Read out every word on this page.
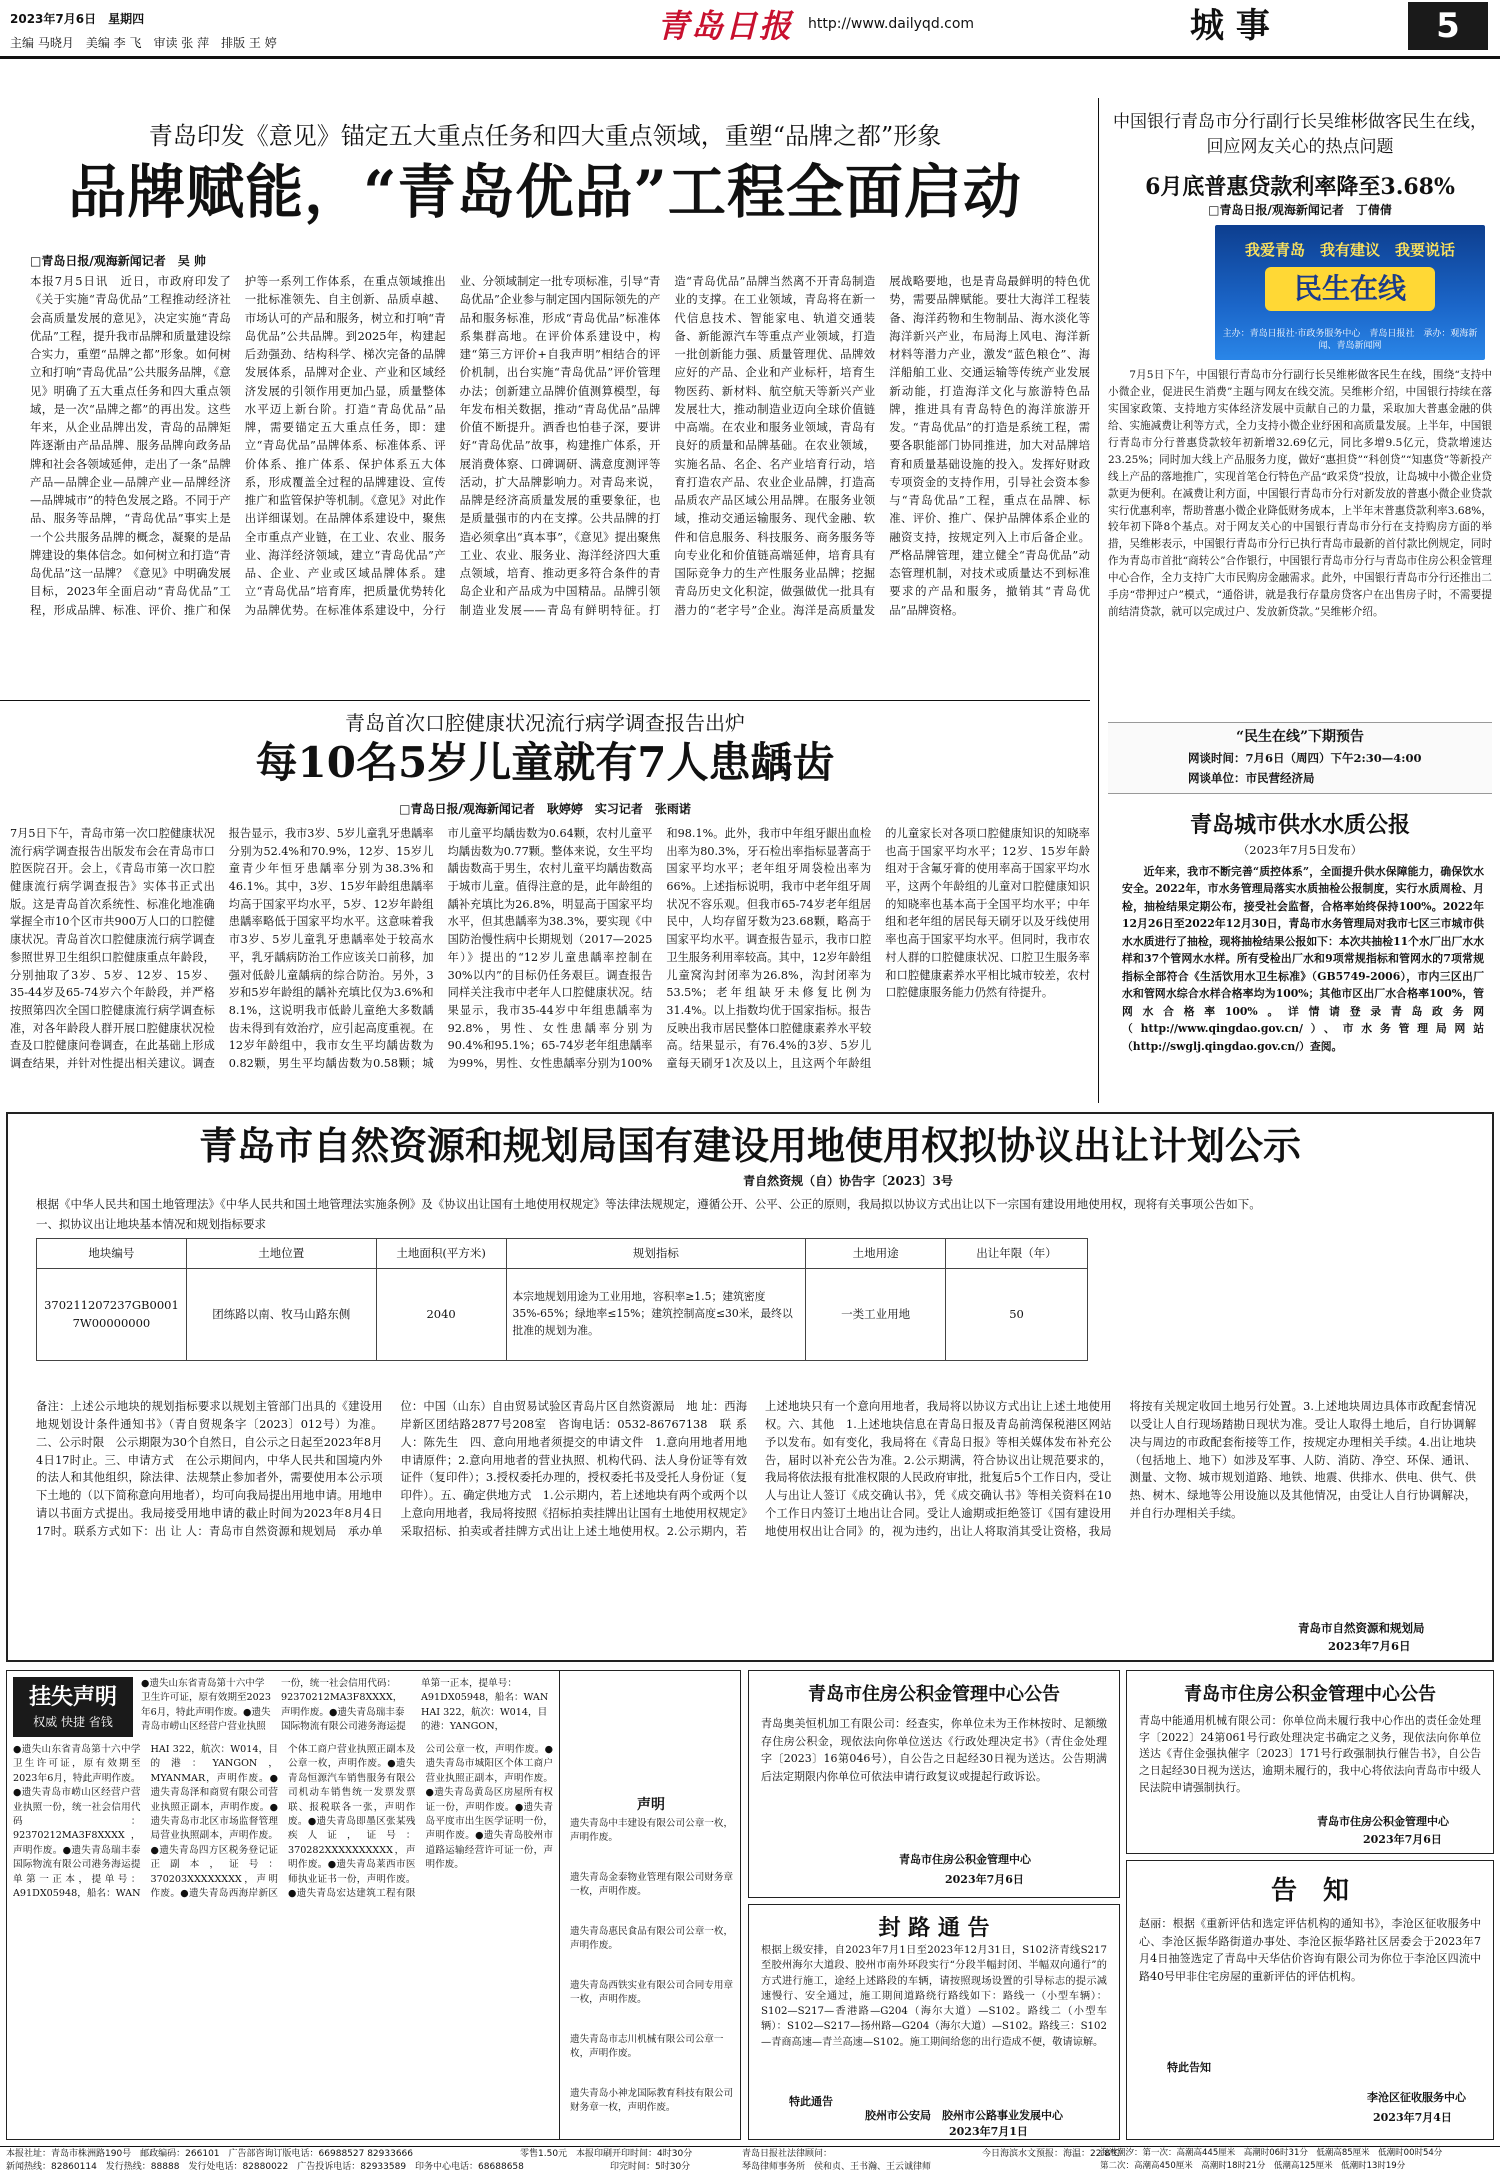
2023年7月6日　星期四
主编 马晓月　美编 李 飞　审读 张 萍　排版 王 婷	青岛日报 http://www.dailyqd.com	城 事	5
青岛印发《意见》锚定五大重点任务和四大重点领域，重塑“品牌之都”形象
品牌赋能，“青岛优品”工程全面启动
□青岛日报/观海新闻记者　吴 帅
本报7月5日讯　近日，市政府印发了《关于实施“青岛优品”工程推动经济社会高质量发展的意见》，决定实施“青岛优品”工程，提升我市品牌和质量建设综合实力，重塑“品牌之都”形象。如何树立和打响“青岛优品”公共服务品牌，《意见》明确了五大重点任务和四大重点领域，是一次“品牌之都”的再出发。这些年来，从企业品牌出发，青岛的品牌矩阵逐渐由产品品牌、服务品牌向政务品牌和社会各领域延伸，走出了一条“品牌产品—品牌企业—品牌产业—品牌经济—品牌城市”的特色发展之路。不同于产品、服务等品牌，“青岛优品”事实上是一个公共服务品牌的概念，凝聚的是品牌建设的集体信念。如何树立和打造“青岛优品”这一品牌？《意见》中明确发展目标，2023年全面启动“青岛优品”工程，形成品牌、标准、评价、推广和保护等一系列工作体系，在重点领域推出一批标准领先、自主创新、品质卓越、市场认可的产品和服务，树立和打响“青岛优品”公共品牌。到2025年，构建起后劲强劲、结构科学、梯次完备的品牌发展体系，品牌对企业、产业和区域经济发展的引领作用更加凸显，质量整体水平迈上新台阶。打造“青岛优品”品牌，需要锚定五大重点任务，即：建立“青岛优品”品牌体系、标准体系、评价体系、推广体系、保护体系五大体系，形成覆盖全过程的品牌建设、宣传推广和监管保护等机制。《意见》对此作出详细谋划。在品牌体系建设中，聚焦全市重点产业链，在工业、农业、服务业、海洋经济领域，建立“青岛优品”产品、企业、产业或区域品牌体系。建立“青岛优品”培育库，把质量优势转化为品牌优势。在标准体系建设中，分行业、分领域制定一批专项标准，引导“青岛优品”企业参与制定国内国际领先的产品和服务标准，形成“青岛优品”标准体系集群高地。在评价体系建设中，构建“第三方评价+自我声明”相结合的评价机制，出台实施“青岛优品”评价管理办法；创新建立品牌价值测算模型，每年发布相关数据，推动“青岛优品”品牌价值不断提升。酒香也怕巷子深，要讲好“青岛优品”故事，构建推广体系，开展消费体察、口碑调研、满意度测评等活动，扩大品牌影响力。对青岛来说，品牌是经济高质量发展的重要象征，也是质量强市的内在支撑。公共品牌的打造必须拿出“真本事”，《意见》提出聚焦工业、农业、服务业、海洋经济四大重点领域，培育、推动更多符合条件的青岛企业和产品成为中国精品。品牌引领制造业发展——青岛有鲜明特征。打造“青岛优品”品牌当然离不开青岛制造业的支撑。在工业领域，青岛将在新一代信息技术、智能家电、轨道交通装备、新能源汽车等重点产业领域，打造一批创新能力强、质量管理优、品牌效应好的产品、企业和产业标杆，培育生物医药、新材料、航空航天等新兴产业发展壮大，推动制造业迈向全球价值链中高端。在农业和服务业领域，青岛有良好的质量和品牌基础。在农业领域，实施名品、名企、名产业培育行动，培育打造农产品、农业企业品牌，打造高品质农产品区域公用品牌。在服务业领域，推动交通运输服务、现代金融、软件和信息服务、科技服务、商务服务等向专业化和价值链高端延伸，培育具有国际竞争力的生产性服务业品牌；挖掘青岛历史文化积淀，做强做优一批具有潜力的“老字号”企业。海洋是高质量发展战略要地，也是青岛最鲜明的特色优势，需要品牌赋能。要壮大海洋工程装备、海洋药物和生物制品、海水淡化等海洋新兴产业，布局海上风电、海洋新材料等潜力产业，激发“蓝色粮仓”、海洋船舶工业、交通运输等传统产业发展新动能，打造海洋文化与旅游特色品牌，推进具有青岛特色的海洋旅游开发。“青岛优品”的打造是系统工程，需要各职能部门协同推进，加大对品牌培育和质量基础设施的投入。发挥好财政专项资金的支持作用，引导社会资本参与“青岛优品”工程，重点在品牌、标准、评价、推广、保护品牌体系企业的融资支持，按规定列入上市后备企业。严格品牌管理，建立健全“青岛优品”动态管理机制，对技术或质量达不到标准要求的产品和服务，撤销其“青岛优品”品牌资格。
中国银行青岛市分行副行长吴维彬做客民生在线，回应网友关心的热点问题
6月底普惠贷款利率降至3.68%
□青岛日报/观海新闻记者　丁倩倩
我爱青岛　我有建议　我要说话
民生在线
主办：青岛日报社·市政务服务中心　青岛日报社　承办：观海新闻、青岛新闻网
7月5日下午，中国银行青岛市分行副行长吴维彬做客民生在线，围绕“支持中小微企业，促进民生消费”主题与网友在线交流。吴维彬介绍，中国银行持续在落实国家政策、支持地方实体经济发展中贡献自己的力量，采取加大普惠金融的供给、实施减费让利等方式，全力支持小微企业纾困和高质量发展。上半年，中国银行青岛市分行普惠贷款较年初新增32.69亿元，同比多增9.5亿元，贷款增速达23.25%；同时加大线上产品服务力度，做好“惠担贷”“科创贷”“知惠贷”等新投产线上产品的落地推广，实现首笔仓行特色产品“政采贷”投放，让岛城中小微企业贷款更为便利。在减费让利方面，中国银行青岛市分行对新发放的普惠小微企业贷款实行优惠利率，帮助普惠小微企业降低财务成本，上半年末普惠贷款利率3.68%，较年初下降8个基点。对于网友关心的中国银行青岛市分行在支持购房方面的举措，吴维彬表示，中国银行青岛市分行已执行青岛市最新的首付款比例规定，同时作为青岛市首批“商转公”合作银行，中国银行青岛市分行与青岛市住房公积金管理中心合作，全力支持广大市民购房金融需求。此外，中国银行青岛市分行还推出二手房“带押过户”模式，“通俗讲，就是我行存量房贷客户在出售房子时，不需要提前结清贷款，就可以完成过户、发放新贷款。”吴维彬介绍。
“民生在线”下期预告
网谈时间：7月6日（周四）下午2:30—4:00
网谈单位：市民营经济局
青岛城市供水水质公报
（2023年7月5日发布）
近年来，我市不断完善“质控体系”，全面提升供水保障能力，确保饮水安全。2022年，市水务管理局落实水质抽检公报制度，实行水质周检、月检，抽检结果定期公布，接受社会监督，合格率始终保持100%。2022年12月26日至2022年12月30日，青岛市水务管理局对我市七区三市城市供水水质进行了抽检，现将抽检结果公报如下：本次共抽检11个水厂出厂水水样和37个管网水水样。所有受检出厂水和9项常规指标和管网水的7项常规指标全部符合《生活饮用水卫生标准》（GB5749-2006），市内三区出厂水和管网水综合水样合格率均为100%；其他市区出厂水合格率100%，管网水合格率100%。详情请登录青岛政务网（http://www.qingdao.gov.cn/）、市水务管理局网站（http://swglj.qingdao.gov.cn/）查阅。
青岛首次口腔健康状况流行病学调查报告出炉
每10名5岁儿童就有7人患龋齿
□青岛日报/观海新闻记者　耿婷婷　实习记者　张雨诺
7月5日下午，青岛市第一次口腔健康状况流行病学调查报告出版发布会在青岛市口腔医院召开。会上，《青岛市第一次口腔健康流行病学调查报告》实体书正式出版。这是青岛首次系统性、标准化地准确掌握全市10个区市共900万人口的口腔健康状况。青岛首次口腔健康流行病学调查参照世界卫生组织口腔健康重点年龄段，分别抽取了3岁、5岁、12岁、15岁、35-44岁及65-74岁六个年龄段，并严格按照第四次全国口腔健康流行病学调查标准，对各年龄段人群开展口腔健康状况检查及口腔健康问卷调查，在此基础上形成调查结果，并针对性提出相关建议。调查报告显示，我市3岁、5岁儿童乳牙患龋率分别为52.4%和70.9%，12岁、15岁儿童青少年恒牙患龋率分别为38.3%和46.1%。其中，3岁、15岁年龄组患龋率均高于国家平均水平，5岁、12岁年龄组患龋率略低于国家平均水平。这意味着我市3岁、5岁儿童乳牙患龋率处于较高水平，乳牙龋病防治工作应该关口前移，加强对低龄儿童龋病的综合防治。另外，3岁和5岁年龄组的龋补充填比仅为3.6%和8.1%，这说明我市低龄儿童绝大多数龋齿未得到有效治疗，应引起高度重视。在12岁年龄组中，我市女生平均龋齿数为0.82颗，男生平均龋齿数为0.58颗；城市儿童平均龋齿数为0.64颗，农村儿童平均龋齿数为0.77颗。整体来说，女生平均龋齿数高于男生，农村儿童平均龋齿数高于城市儿童。值得注意的是，此年龄组的龋补充填比为26.8%，明显高于国家平均水平，但其患龋率为38.3%，要实现《中国防治慢性病中长期规划（2017—2025年）》提出的“12岁儿童患龋率控制在30%以内”的目标仍任务艰巨。调查报告同样关注我市中老年人口腔健康状况。结果显示，我市35-44岁中年组患龋率为92.8%，男性、女性患龋率分别为90.4%和95.1%；65-74岁老年组患龋率为99%，男性、女性患龋率分别为100%和98.1%。此外，我市中年组牙龈出血检出率为80.3%，牙石检出率指标显著高于国家平均水平；老年组牙周袋检出率为66%。上述指标说明，我市中老年组牙周状况不容乐观。但我市65-74岁老年组居民中，人均存留牙数为23.68颗，略高于国家平均水平。调查报告显示，我市口腔卫生服务利用率较高。其中，12岁年龄组儿童窝沟封闭率为26.8%，沟封闭率为53.5%；老年组缺牙未修复比例为31.4%。以上指数均优于国家指标。报告反映出我市居民整体口腔健康素养水平较高。结果显示，有76.4%的3岁、5岁儿童每天刷牙1次及以上，且这两个年龄组的儿童家长对各项口腔健康知识的知晓率也高于国家平均水平；12岁、15岁年龄组对于含氟牙膏的使用率高于国家平均水平，这两个年龄组的儿童对口腔健康知识的知晓率也基本高于全国平均水平；中年组和老年组的居民每天刷牙以及牙线使用率也高于国家平均水平。但同时，我市农村人群的口腔健康状况、口腔卫生服务率和口腔健康素养水平相比城市较差，农村口腔健康服务能力仍然有待提升。
青岛市自然资源和规划局国有建设用地使用权拟协议出让计划公示
青自然资规（自）协告字〔2023〕3号
根据《中华人民共和国土地管理法》《中华人民共和国土地管理法实施条例》及《协议出让国有土地使用权规定》等法律法规规定，遵循公开、公平、公正的原则，我局拟以协议方式出让以下一宗国有建设用地使用权，现将有关事项公告如下。
一、拟协议出让地块基本情况和规划指标要求
地块编号	土地位置	土地面积(平方米)	规划指标	土地用途	出让年限（年）
370211207237GB00017W00000000	团练路以南、牧马山路东侧	2040	本宗地规划用途为工业用地，容积率≥1.5；建筑密度35%-65%；绿地率≤15%；建筑控制高度≤30米，最终以批准的规划为准。	一类工业用地	50
备注：上述公示地块的规划指标要求以规划主管部门出具的《建设用地规划设计条件通知书》（青自贸规条字〔2023〕012号）为准。二、公示时限　公示期限为30个自然日，自公示之日起至2023年8月4日17时止。三、申请方式　在公示期间内，中华人民共和国境内外的法人和其他组织，除法律、法规禁止参加者外，需要使用本公示项下土地的（以下简称意向用地者），均可向我局提出用地申请。用地申请以书面方式提出。我局接受用地申请的截止时间为2023年8月4日17时。联系方式如下：出 让 人：青岛市自然资源和规划局　承办单位：中国（山东）自由贸易试验区青岛片区自然资源局　地 址：西海岸新区团结路2877号208室　咨询电话：0532-86767138　联 系 人：陈先生　四、意向用地者须提交的申请文件　1.意向用地者用地申请原件；2.意向用地者的营业执照、机构代码、法人身份证等有效证件（复印件）；3.授权委托办理的，授权委托书及受托人身份证（复印件）。五、确定供地方式　1.公示期内，若上述地块有两个或两个以上意向用地者，我局将按照《招标拍卖挂牌出让国有土地使用权规定》采取招标、拍卖或者挂牌方式出让上述土地使用权。2.公示期内，若上述地块只有一个意向用地者，我局将以协议方式出让上述土地使用权。六、其他　1.上述地块信息在青岛日报及青岛前湾保税港区网站予以发布。如有变化，我局将在《青岛日报》等相关媒体发布补充公告，届时以补充公告为准。2.公示期满，符合协议出让规范要求的，我局将依法报有批准权限的人民政府审批，批复后5个工作日内，受让人与出让人签订《成交确认书》，凭《成交确认书》等相关资料在10个工作日内签订土地出让合同。受让人逾期或拒绝签订《国有建设用地使用权出让合同》的，视为违约，出让人将取消其受让资格，我局将按有关规定收回土地另行处置。3.上述地块周边具体市政配套情况以受让人自行现场踏勘日现状为准。受让人取得土地后，自行协调解决与周边的市政配套衔接等工作，按规定办理相关手续。4.出让地块（包括地上、地下）如涉及军事、人防、消防、净空、环保、通讯、测量、文物、城市规划道路、地铁、地震、供排水、供电、供气、供热、树木、绿地等公用设施以及其他情况，由受让人自行协调解决，并自行办理相关手续。
青岛市自然资源和规划局
2023年7月6日
挂失声明
权威 快捷 省钱
●遗失山东省青岛第十六中学卫生许可证，原有效期至2023年6月，特此声明作废。●遗失青岛市崂山区经营户营业执照一份，统一社会信用代码：92370212MA3F8XXXX，声明作废。●遗失青岛瑞丰泰国际物流有限公司港务海运提单第一正本，提单号：A91DX05948，船名：WAN HAI 322，航次：W014，目的港：YANGON，MYANMAR，声明作废。●遗失青岛泽和商贸有限公司营业执照正副本，声明作废。●遗失青岛市北区市场监督管理局营业执照副本，声明作废。●遗失青岛四方区税务登记证正副本，证号：370203XXXXXXXX，声明作废。●遗失青岛西海岸新区个体工商户营业执照正副本及公章一枚，声明作废。●遗失青岛恒源汽车销售服务有限公司机动车销售统一发票发票联、报税联各一张，声明作废。●遗失青岛即墨区张某残疾人证，证号：370282XXXXXXXXXX，声明作废。●遗失青岛莱西市医师执业证书一份，声明作废。●遗失青岛宏达建筑工程有限公司公章一枚，声明作废。●遗失青岛市城阳区个体工商户营业执照正副本，声明作废。●遗失青岛黄岛区房屋所有权证一份，声明作废。●遗失青岛平度市出生医学证明一份，声明作废。●遗失青岛胶州市道路运输经营许可证一份，声明作废。
●遗失山东省青岛第十六中学卫生许可证，原有效期至2023年6月，特此声明作废。●遗失青岛市崂山区经营户营业执照一份，统一社会信用代码：92370212MA3F8XXXX，声明作废。●遗失青岛瑞丰泰国际物流有限公司港务海运提单第一正本，提单号：A91DX05948，船名：WAN HAI 322，航次：W014，目的港：YANGON，
声明
遗失青岛中丰建设有限公司公章一枚，声明作废。
遗失青岛金泰物业管理有限公司财务章一枚，声明作废。
遗失青岛惠民食品有限公司公章一枚，声明作废。
遗失青岛西铁实业有限公司合同专用章一枚，声明作废。
遗失青岛市志川机械有限公司公章一枚，声明作废。
遗失青岛小神龙国际教育科技有限公司财务章一枚，声明作废。
青岛市住房公积金管理中心公告
青岛奥美恒机加工有限公司：经查实，你单位未为王作林按时、足额缴存住房公积金，现依法向你单位送达《行政处理决定书》（青住金处理字〔2023〕16第046号），自公告之日起经30日视为送达。公告期满后法定期限内你单位可依法申请行政复议或提起行政诉讼。
青岛市住房公积金管理中心
2023年7月6日
封 路 通 告
根据上级安排，自2023年7月1日至2023年12月31日，S102济青线S217至胶州海尔大道段、胶州市南外环段实行“分段半幅封闭、半幅双向通行”的方式进行施工，途经上述路段的车辆，请按照现场设置的引导标志的提示减速慢行、安全通过，施工期间道路绕行路线如下：路线一（小型车辆）：S102—S217—香港路—G204（海尔大道）—S102。路线二（小型车辆）：S102—S217—扬州路—G204（海尔大道）—S102。路线三：S102—青商高速—青兰高速—S102。施工期间给您的出行造成不便，敬请谅解。
特此通告
胶州市公安局　胶州市公路事业发展中心
2023年7月1日
青岛市住房公积金管理中心公告
青岛中能通用机械有限公司：你单位尚未履行我中心作出的责任金处理字〔2022〕24第061号行政处理决定书确定之义务，现依法向你单位送达《青住金强执催字〔2023〕171号行政强制执行催告书》，自公告之日起经30日视为送达，逾期未履行的，我中心将依法向青岛市中级人民法院申请强制执行。
青岛市住房公积金管理中心
2023年7月6日
告　知
赵丽：根据《重新评估和选定评估机构的通知书》，李沧区征收服务中心、李沧区振华路街道办事处、李沧区振华路社区居委会于2023年7月4日抽签选定了青岛中天华估价咨询有限公司为你位于李沧区四流中路40号甲非住宅房屋的重新评估的评估机构。
特此告知
李沧区征收服务中心
2023年7月4日
本报社址：青岛市株洲路190号　邮政编码：266101　广告部咨询订版电话：66988527 82933666
新闻热线：82860114　发行热线：88888　发行处电话：82880022　广告投诉电话：82933589　印务中心电话：68688658
零售1.50元　本报印刷开印时间：4时30分
印完时间：5时30分
青岛日报社法律顾问：
琴岛律师事务所　侯和贞、王书瀚、王云诚律师
今日海滨水文预报：海温：22.8℃
海港潮汐：第一次：高潮高445厘米　高潮时06时31分　低潮高85厘米　低潮时00时54分
第二次：高潮高450厘米　高潮时18时21分　低潮高125厘米　低潮时13时19分
